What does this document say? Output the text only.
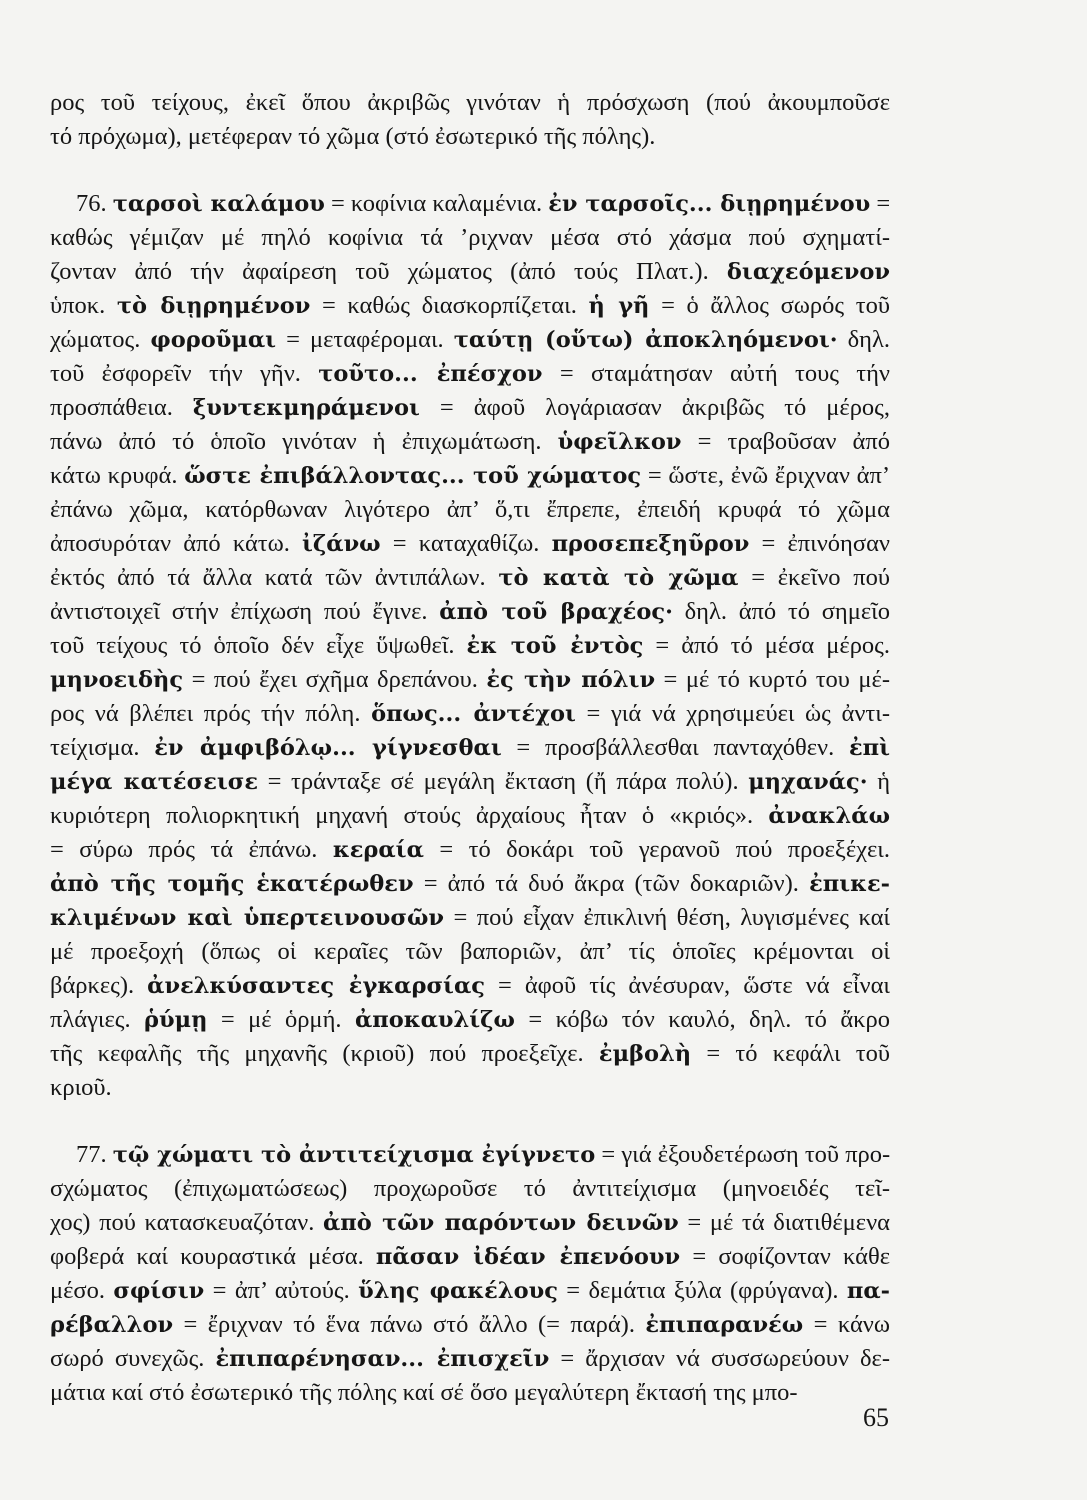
ρος τοῦ τείχους, ἐκεῖ ὅπου ἀκριβῶς γινόταν ἡ πρόσχωση (πού ἀκουμποῦσε
τό πρόχωμα), μετέφεραν τό χῶμα (στό ἐσωτερικό τῆς πόλης).
76. ταρσοὶ καλάμου = κοφίνια καλαμένια. ἐν ταρσοῖς... διῃρημένου =
καθώς γέμιζαν μέ πηλό κοφίνια τά ’ριχναν μέσα στό χάσμα πού σχηματί-
ζονταν ἀπό τήν ἀφαίρεση τοῦ χώματος (ἀπό τούς Πλατ.). διαχεόμενον
ὑποκ. τὸ διῃρημένον = καθώς διασκορπίζεται. ἡ γῆ = ὁ ἄλλος σωρός τοῦ
χώματος. φοροῦμαι = μεταφέρομαι. ταύτῃ (οὕτω) ἀποκληόμενοι· δηλ.
τοῦ ἐσφορεῖν τήν γῆν. τοῦτο... ἐπέσχον = σταμάτησαν αὐτή τους τήν
προσπάθεια. ξυντεκμηράμενοι = ἀφοῦ λογάριασαν ἀκριβῶς τό μέρος,
πάνω ἀπό τό ὁποῖο γινόταν ἡ ἐπιχωμάτωση. ὑφεῖλκον = τραβοῦσαν ἀπό
κάτω κρυφά. ὥστε ἐπιβάλλοντας... τοῦ χώματος = ὥστε, ἐνῶ ἔριχναν ἀπ’
ἐπάνω χῶμα, κατόρθωναν λιγότερο ἀπ’ ὅ,τι ἔπρεπε, ἐπειδή κρυφά τό χῶμα
ἀποσυρόταν ἀπό κάτω. ἰζάνω = καταχαθίζω. προσεπεξηῦρον = ἐπινόησαν
ἐκτός ἀπό τά ἄλλα κατά τῶν ἀντιπάλων. τὸ κατὰ τὸ χῶμα = ἐκεῖνο πού
ἀντιστοιχεῖ στήν ἐπίχωση πού ἔγινε. ἀπὸ τοῦ βραχέος· δηλ. ἀπό τό σημεῖο
τοῦ τείχους τό ὁποῖο δέν εἶχε ὕψωθεῖ. ἐκ τοῦ ἐντὸς = ἀπό τό μέσα μέρος.
μηνοειδὴς = πού ἔχει σχῆμα δρεπάνου. ἐς τὴν πόλιν = μέ τό κυρτό του μέ-
ρος νά βλέπει πρός τήν πόλη. ὅπως... ἀντέχοι = γιά νά χρησιμεύει ὡς ἀντι-
τείχισμα. ἐν ἀμφιβόλῳ... γίγνεσθαι = προσβάλλεσθαι πανταχόθεν. ἐπὶ
μέγα κατέσεισε = τράνταξε σέ μεγάλη ἔκταση (ἤ πάρα πολύ). μηχανάς· ἡ
κυριότερη πολιορκητική μηχανή στούς ἀρχαίους ἦταν ὁ «κριός». ἀνακλάω
= σύρω πρός τά ἐπάνω. κεραία = τό δοκάρι τοῦ γερανοῦ πού προεξέχει.
ἀπὸ τῆς τομῆς ἑκατέρωθεν = ἀπό τά δυό ἄκρα (τῶν δοκαριῶν). ἐπικε-
κλιμένων καὶ ὑπερτεινουσῶν = πού εἶχαν ἐπικλινή θέση, λυγισμένες καί
μέ προεξοχή (ὅπως οἱ κεραῖες τῶν βαποριῶν, ἀπ’ τίς ὁποῖες κρέμονται οἱ
βάρκες). ἀνελκύσαντες ἐγκαρσίας = ἀφοῦ τίς ἀνέσυραν, ὥστε νά εἶναι
πλάγιες. ῥύμῃ = μέ ὁρμή. ἀποκαυλίζω = κόβω τόν καυλό, δηλ. τό ἄκρο
τῆς κεφαλῆς τῆς μηχανῆς (κριοῦ) πού προεξεῖχε. ἐμβολὴ = τό κεφάλι τοῦ
κριοῦ.
77. τῷ χώματι τὸ ἀντιτείχισμα ἐγίγνετο = γιά ἐξουδετέρωση τοῦ προ-
σχώματος (ἐπιχωματώσεως) προχωροῦσε τό ἀντιτείχισμα (μηνοειδές τεῖ-
χος) πού κατασκευαζόταν. ἀπὸ τῶν παρόντων δεινῶν = μέ τά διατιθέμενα
φοβερά καί κουραστικά μέσα. πᾶσαν ἰδέαν ἐπενόουν = σοφίζονταν κάθε
μέσο. σφίσιν = ἀπ’ αὐτούς. ὕλης φακέλους = δεμάτια ξύλα (φρύγανα). πα-
ρέβαλλον = ἔριχναν τό ἕνα πάνω στό ἄλλο (= παρά). ἐπιπαρανέω = κάνω
σωρό συνεχῶς. ἐπιπαρένησαν... ἐπισχεῖν = ἄρχισαν νά συσσωρεύουν δε-
μάτια καί στό ἐσωτερικό τῆς πόλης καί σέ ὅσο μεγαλύτερη ἔκτασή της μπο-
65
